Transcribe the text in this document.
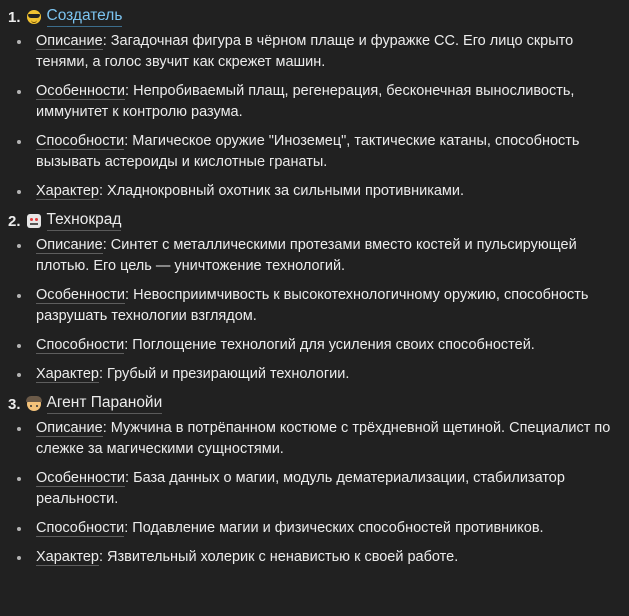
1. Создатель
Описание: Загадочная фигура в чёрном плаще и фуражке СС. Его лицо скрыто тенями, а голос звучит как скрежет машин.
Особенности: Непробиваемый плащ, регенерация, бесконечная выносливость, иммунитет к контролю разума.
Способности: Магическое оружие "Иноземец", тактические катаны, способность вызывать астероиды и кислотные гранаты.
Характер: Хладнокровный охотник за сильными противниками.
2. Технокрад
Описание: Синтет с металлическими протезами вместо костей и пульсирующей плотью. Его цель — уничтожение технологий.
Особенности: Невосприимчивость к высокотехнологичному оружию, способность разрушать технологии взглядом.
Способности: Поглощение технологий для усиления своих способностей.
Характер: Грубый и презирающий технологии.
3. Агент Паранойи
Описание: Мужчина в потрёпанном костюме с трёхдневной щетиной. Специалист по слежке за магическими сущностями.
Особенности: База данных о магии, модуль дематериализации, стабилизатор реальности.
Способности: Подавление магии и физических способностей противников.
Характер: Язвительный холерик с ненавистью к своей работе.
